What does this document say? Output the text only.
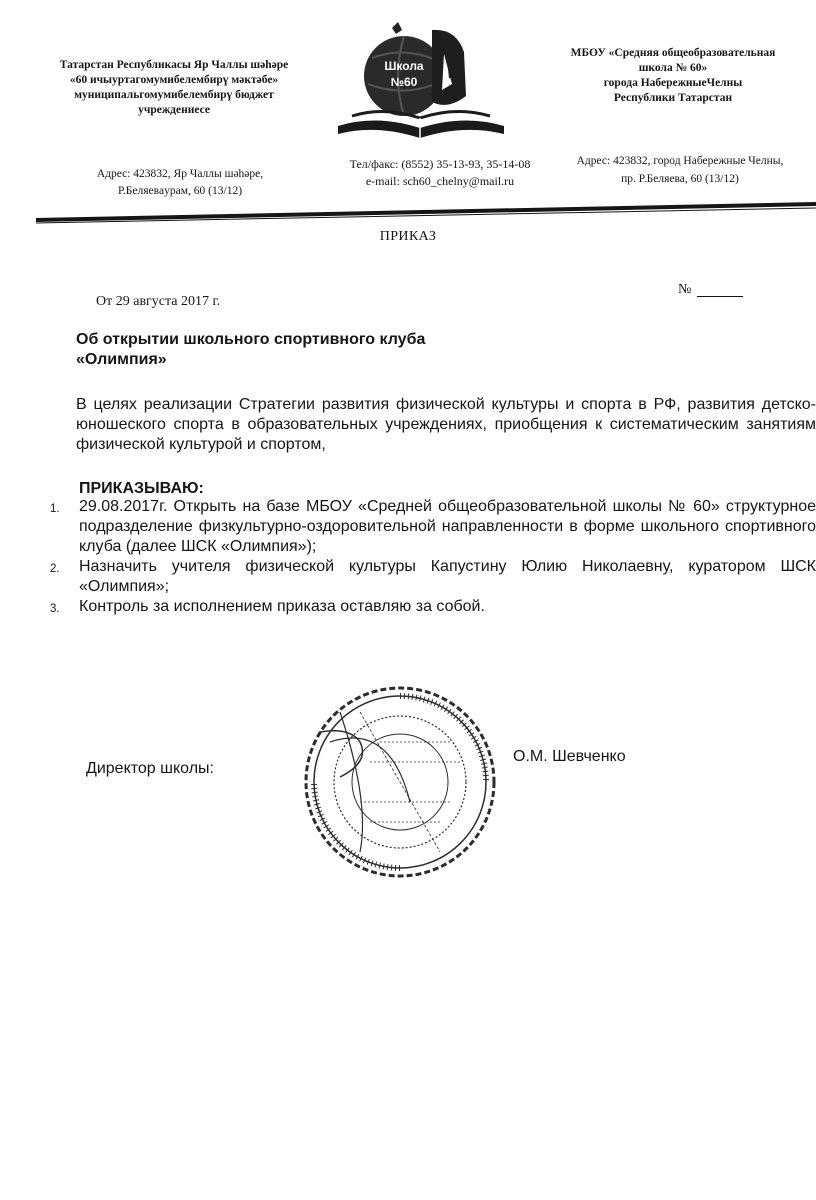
Татарстан Республикасы Яр Чаллы шәһәре
«60 ичыуртагомумибелембирү мәктәбе»
муниципальгомумибелембирү бюджет
учреждениесе
Школа
№60
МБОУ «Средняя общеобразовательная
школа № 60»
города НабережныеЧелны
Республики Татарстан
Адрес: 423832, Яр Чаллы шәһәре,
Р.Беляевaурам, 60 (13/12)
Тел/факс: (8552) 35-13-93, 35-14-08
e-mail: sch60_chelny@mail.ru
Адрес: 423832, город Набережные Челны,
пр. Р.Беляева, 60 (13/12)
ПРИКАЗ
От 29 августа 2017 г.
№
Об открытии школьного спортивного клуба
«Олимпия»
В целях реализации Стратегии развития физической культуры и спорта в РФ, развития детско-юношеского спорта в образовательных учреждениях, приобщения к систематическим занятиям физической культурой и спортом,
ПРИКАЗЫВАЮ:
1.	29.08.2017г. Открыть на базе МБОУ «Средней общеобразовательной школы № 60» структурное подразделение физкультурно-оздоровительной направленности в форме школьного спортивного клуба (далее ШСК «Олимпия»);
2.	Назначить учителя физической культуры Капустину Юлию Николаевну, куратором ШСК «Олимпия»;
3.	Контроль за исполнением приказа оставляю за собой.
Директор школы:
О.М. Шевченко
